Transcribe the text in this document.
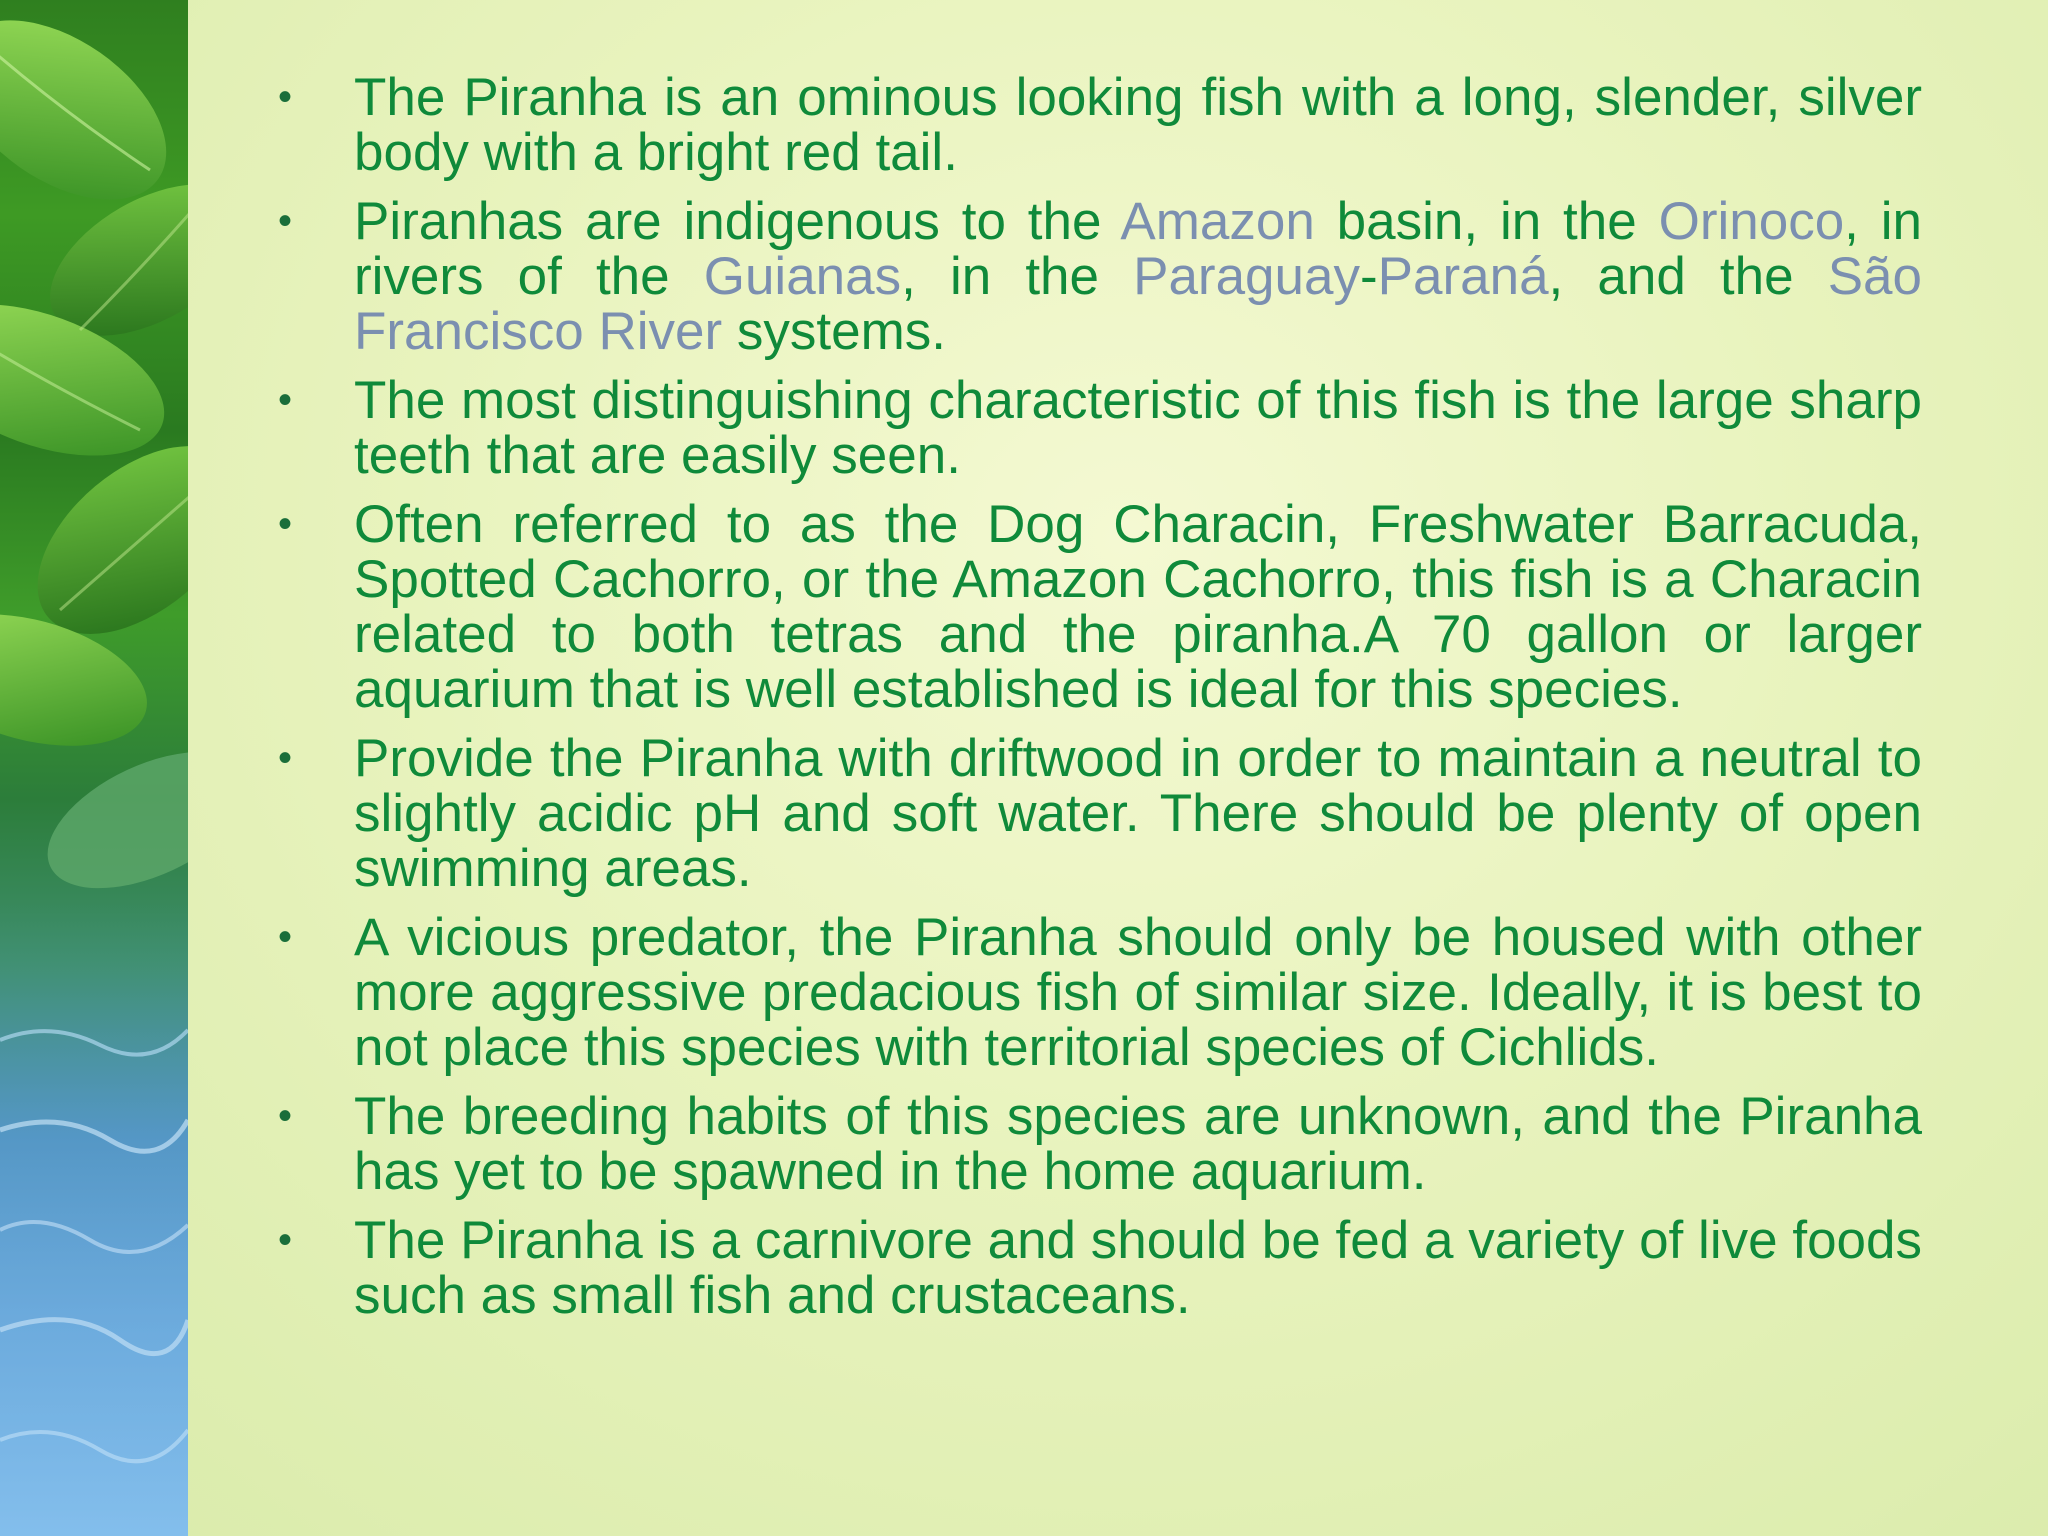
• The Piranha is an ominous looking fish with a long, slender, silver body with a bright red tail.
• Piranhas are indigenous to the Amazon basin, in the Orinoco, in rivers of the Guianas, in the Paraguay-Paraná, and the São Francisco River systems.
• The most distinguishing characteristic of this fish is the large sharp teeth that are easily seen.
• Often referred to as the Dog Characin, Freshwater Barracuda, Spotted Cachorro, or the Amazon Cachorro, this fish is a Characin related to both tetras and the piranha.A 70 gallon or larger aquarium that is well established is ideal for this species.
• Provide the Piranha with driftwood in order to maintain a neutral to slightly acidic pH and soft water. There should be plenty of open swimming areas.
• A vicious predator, the Piranha should only be housed with other more aggressive predacious fish of similar size. Ideally, it is best to not place this species with territorial species of Cichlids.
• The breeding habits of this species are unknown, and the Piranha has yet to be spawned in the home aquarium.
• The Piranha is a carnivore and should be fed a variety of live foods such as small fish and crustaceans.
